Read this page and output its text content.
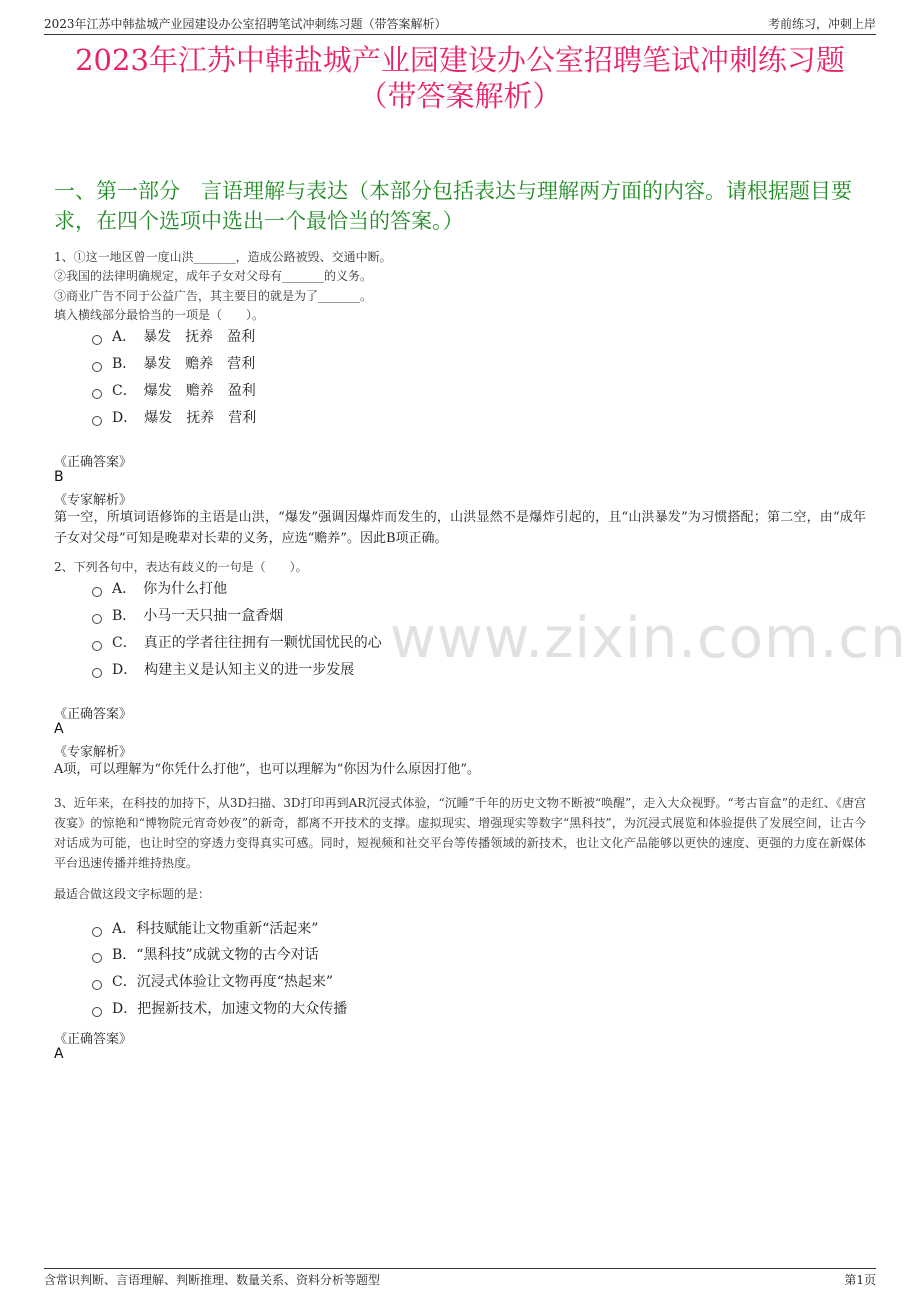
2023年江苏中韩盐城产业园建设办公室招聘笔试冲刺练习题（带答案解析）	考前练习，冲刺上岸
2023年江苏中韩盐城产业园建设办公室招聘笔试冲刺练习题
（带答案解析）
一、第一部分　言语理解与表达（本部分包括表达与理解两方面的内容。请根据题目要求，在四个选项中选出一个最恰当的答案。）
www.zixin.com.cn
1、①这一地区曾一度山洪_______，造成公路被毁、交通中断。
②我国的法律明确规定，成年子女对父母有_______的义务。
③商业广告不同于公益广告，其主要目的就是为了_______。
填入横线部分最恰当的一项是（　　）。
A．　暴发　抚养　盈利
B．　暴发　赡养　营利
C．　爆发　赡养　盈利
D．　爆发　抚养　营利
《正确答案》
B
《专家解析》
第一空，所填词语修饰的主语是山洪，“爆发”强调因爆炸而发生的，山洪显然不是爆炸引起的，且“山洪暴发”为习惯搭配；第二空，由“成年子女对父母”可知是晚辈对长辈的义务，应选“赡养”。因此B项正确。
2、下列各句中，表达有歧义的一句是（　　）。
A．　你为什么打他
B．　小马一天只抽一盒香烟
C．　真正的学者往往拥有一颗忧国忧民的心
D．　构建主义是认知主义的进一步发展
《正确答案》
A
《专家解析》
A项，可以理解为“你凭什么打他”，也可以理解为“你因为什么原因打他”。
3、近年来，在科技的加持下，从3D扫描、3D打印再到AR沉浸式体验，“沉睡”千年的历史文物不断被“唤醒”，走入大众视野。“考古盲盒”的走红、《唐宫夜宴》的惊艳和“博物院元宵奇妙夜”的新奇，都离不开技术的支撑。虚拟现实、增强现实等数字“黑科技”，为沉浸式展览和体验提供了发展空间，让古今对话成为可能，也让时空的穿透力变得真实可感。同时，短视频和社交平台等传播领域的新技术，也让文化产品能够以更快的速度、更强的力度在新媒体平台迅速传播并维持热度。
最适合做这段文字标题的是：
A．科技赋能让文物重新“活起来”
B．“黑科技”成就文物的古今对话
C．沉浸式体验让文物再度“热起来”
D．把握新技术，加速文物的大众传播
《正确答案》
A
含常识判断、言语理解、判断推理、数量关系、资料分析等题型	第1页
